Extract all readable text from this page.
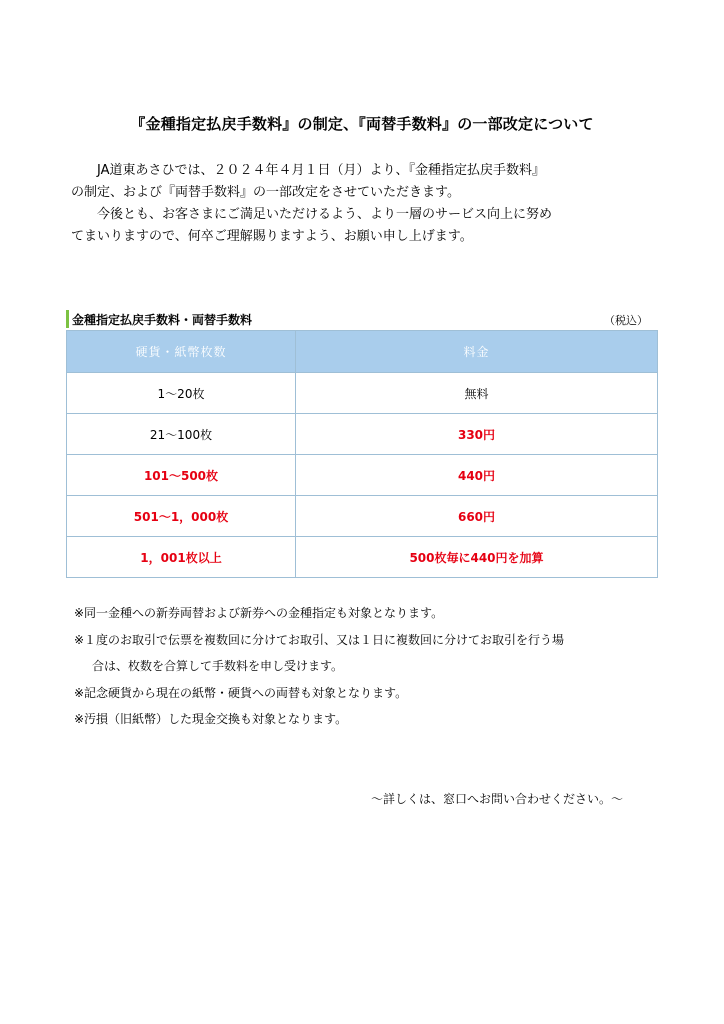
『金種指定払戻手数料』の制定、『両替手数料』の一部改定について

JA道東あさひでは、２０２４年４月１日（月）より、『金種指定払戻手数料』
の制定、および『両替手数料』の一部改定をさせていただきます。

今後とも、お客さまにご満足いただけるよう、より一層のサービス向上に努め
てまいりますので、何卒ご理解賜りますよう、お願い申し上げます。

金種指定払戻手数料・両替手数料	（税込）
硬貨・紙幣枚数	料金
1～20枚	無料
21～100枚	330円
101～500枚	440円
501～1，000枚	660円
1，001枚以上	500枚毎に440円を加算
※同一金種への新券両替および新券への金種指定も対象となります。
※１度のお取引で伝票を複数回に分けてお取引、又は１日に複数回に分けてお取引を行う場
合は、枚数を合算して手数料を申し受けます。
※記念硬貨から現在の紙幣・硬貨への両替も対象となります。
※汚損（旧紙幣）した現金交換も対象となります。
～詳しくは、窓口へお問い合わせください。～
